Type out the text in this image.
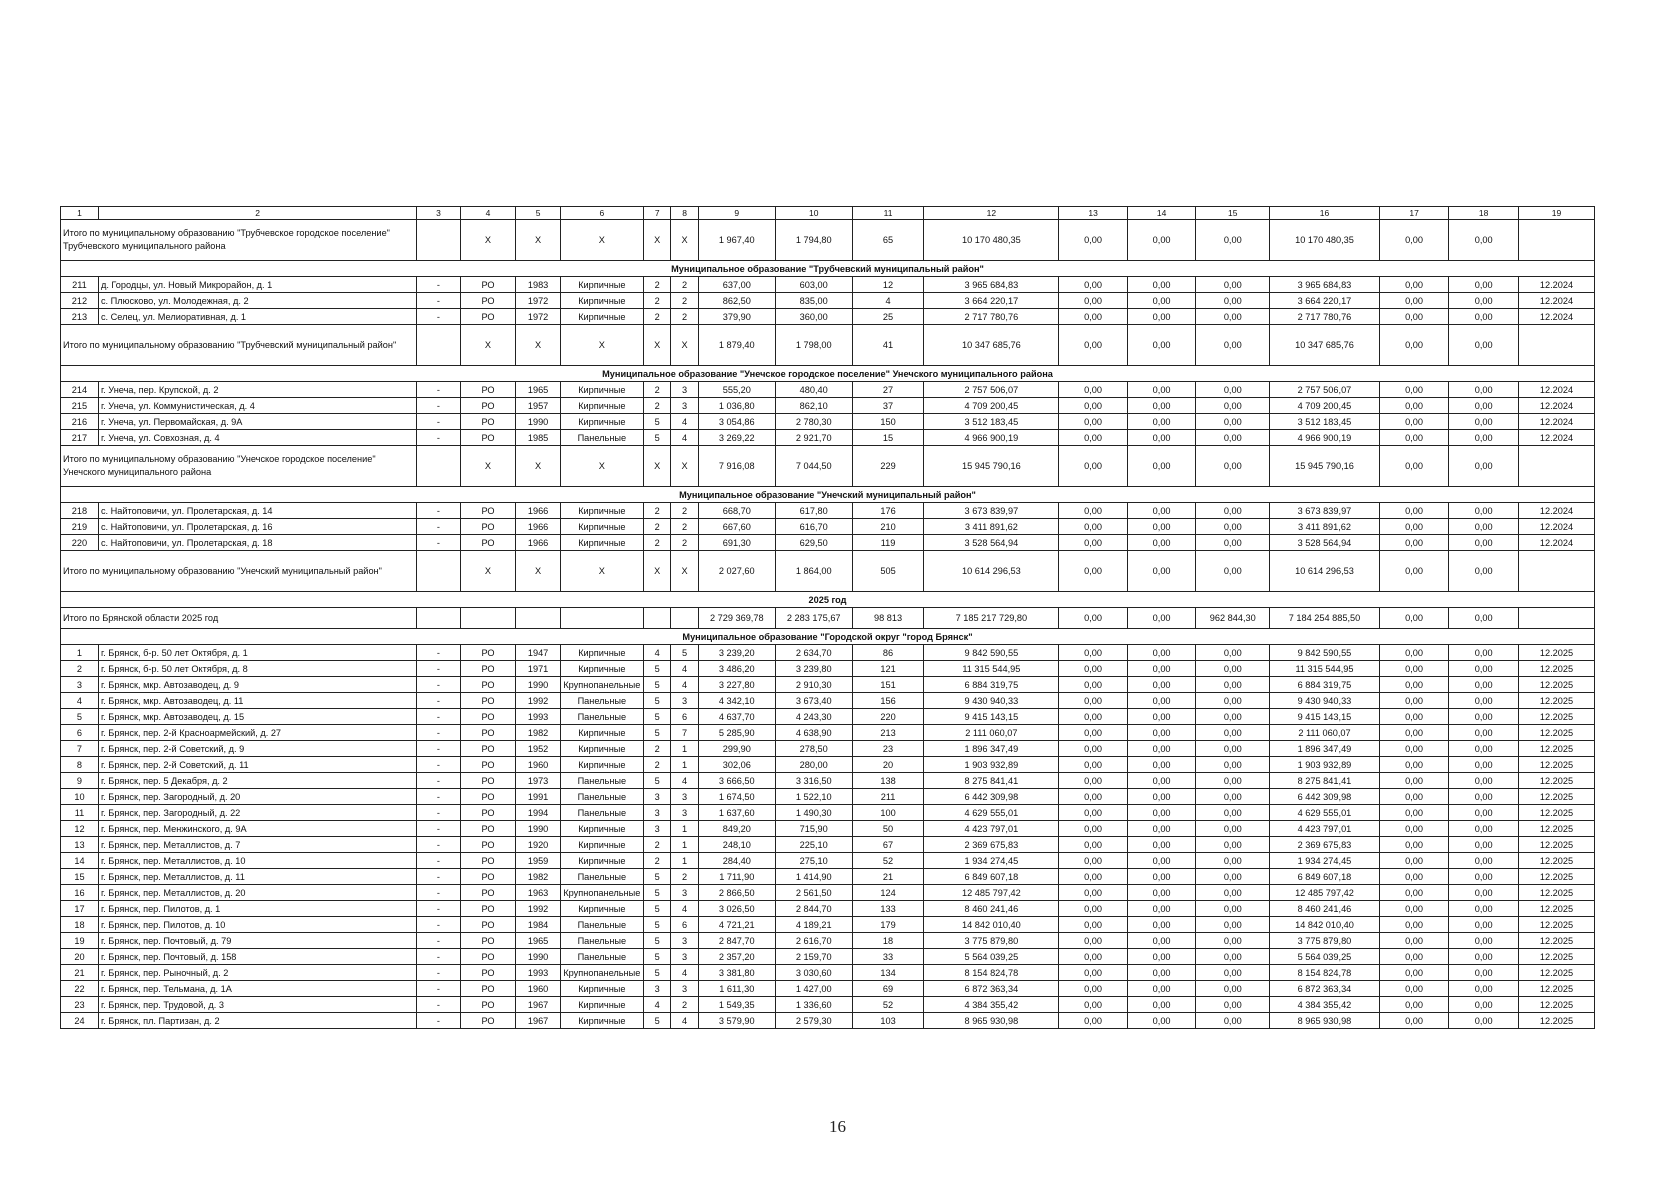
1	2	3	4	5	6	7	8	9	10	11	12	13	14	15	16	17	18	19
Итого по муниципальному образованию "Трубчевское городское поселение" Трубчевского муниципального района			X	X	X	X	X	1 967,40	1 794,80	65	10 170 480,35	0,00	0,00	0,00	10 170 480,35	0,00	0,00	
Муниципальное образование "Трубчевский муниципальный район"																		
211	д. Городцы, ул. Новый Микрорайон, д. 1	-	РО	1983	Кирпичные	2	2	637,00	603,00	12	3 965 684,83	0,00	0,00	0,00	3 965 684,83	0,00	0,00	12.2024
212	с. Плюсково, ул. Молодежная, д. 2	-	РО	1972	Кирпичные	2	2	862,50	835,00	4	3 664 220,17	0,00	0,00	0,00	3 664 220,17	0,00	0,00	12.2024
213	с. Селец, ул. Мелиоративная, д. 1	-	РО	1972	Кирпичные	2	2	379,90	360,00	25	2 717 780,76	0,00	0,00	0,00	2 717 780,76	0,00	0,00	12.2024
Итого по муниципальному образованию "Трубчевский муниципальный район"			X	X	X	X	X	1 879,40	1 798,00	41	10 347 685,76	0,00	0,00	0,00	10 347 685,76	0,00	0,00	
Муниципальное образование "Унечское городское поселение" Унечского муниципального района																		
214	г. Унеча, пер. Крупской, д. 2	-	РО	1965	Кирпичные	2	3	555,20	480,40	27	2 757 506,07	0,00	0,00	0,00	2 757 506,07	0,00	0,00	12.2024
215	г. Унеча, ул. Коммунистическая, д. 4	-	РО	1957	Кирпичные	2	3	1 036,80	862,10	37	4 709 200,45	0,00	0,00	0,00	4 709 200,45	0,00	0,00	12.2024
216	г. Унеча, ул. Первомайская, д. 9А	-	РО	1990	Кирпичные	5	4	3 054,86	2 780,30	150	3 512 183,45	0,00	0,00	0,00	3 512 183,45	0,00	0,00	12.2024
217	г. Унеча, ул. Совхозная, д. 4	-	РО	1985	Панельные	5	4	3 269,22	2 921,70	15	4 966 900,19	0,00	0,00	0,00	4 966 900,19	0,00	0,00	12.2024
Итого по муниципальному образованию "Унечское городское поселение" Унечского муниципального района			X	X	X	X	X	7 916,08	7 044,50	229	15 945 790,16	0,00	0,00	0,00	15 945 790,16	0,00	0,00	
Муниципальное образование "Унечский муниципальный район"																		
218	с. Найтоповичи, ул. Пролетарская, д. 14	-	РО	1966	Кирпичные	2	2	668,70	617,80	176	3 673 839,97	0,00	0,00	0,00	3 673 839,97	0,00	0,00	12.2024
219	с. Найтоповичи, ул. Пролетарская, д. 16	-	РО	1966	Кирпичные	2	2	667,60	616,70	210	3 411 891,62	0,00	0,00	0,00	3 411 891,62	0,00	0,00	12.2024
220	с. Найтоповичи, ул. Пролетарская, д. 18	-	РО	1966	Кирпичные	2	2	691,30	629,50	119	3 528 564,94	0,00	0,00	0,00	3 528 564,94	0,00	0,00	12.2024
Итого по муниципальному образованию "Унечский муниципальный район"			X	X	X	X	X	2 027,60	1 864,00	505	10 614 296,53	0,00	0,00	0,00	10 614 296,53	0,00	0,00	
2025 год																		
Итого по Брянской области 2025 год								2 729 369,78	2 283 175,67	98 813	7 185 217 729,80	0,00	0,00	962 844,30	7 184 254 885,50	0,00	0,00	
Муниципальное образование "Городской округ "город Брянск"																		
1	г. Брянск, б-р. 50 лет Октября, д. 1	-	РО	1947	Кирпичные	4	5	3 239,20	2 634,70	86	9 842 590,55	0,00	0,00	0,00	9 842 590,55	0,00	0,00	12.2025
2	г. Брянск, б-р. 50 лет Октября, д. 8	-	РО	1971	Кирпичные	5	4	3 486,20	3 239,80	121	11 315 544,95	0,00	0,00	0,00	11 315 544,95	0,00	0,00	12.2025
3	г. Брянск, мкр. Автозаводец, д. 9	-	РО	1990	Крупнопанельные	5	4	3 227,80	2 910,30	151	6 884 319,75	0,00	0,00	0,00	6 884 319,75	0,00	0,00	12.2025
4	г. Брянск, мкр. Автозаводец, д. 11	-	РО	1992	Панельные	5	3	4 342,10	3 673,40	156	9 430 940,33	0,00	0,00	0,00	9 430 940,33	0,00	0,00	12.2025
5	г. Брянск, мкр. Автозаводец, д. 15	-	РО	1993	Панельные	5	6	4 637,70	4 243,30	220	9 415 143,15	0,00	0,00	0,00	9 415 143,15	0,00	0,00	12.2025
6	г. Брянск, пер. 2-й Красноармейский, д. 27	-	РО	1982	Кирпичные	5	7	5 285,90	4 638,90	213	2 111 060,07	0,00	0,00	0,00	2 111 060,07	0,00	0,00	12.2025
7	г. Брянск, пер. 2-й Советский, д. 9	-	РО	1952	Кирпичные	2	1	299,90	278,50	23	1 896 347,49	0,00	0,00	0,00	1 896 347,49	0,00	0,00	12.2025
8	г. Брянск, пер. 2-й Советский, д. 11	-	РО	1960	Кирпичные	2	1	302,06	280,00	20	1 903 932,89	0,00	0,00	0,00	1 903 932,89	0,00	0,00	12.2025
9	г. Брянск, пер. 5 Декабря, д. 2	-	РО	1973	Панельные	5	4	3 666,50	3 316,50	138	8 275 841,41	0,00	0,00	0,00	8 275 841,41	0,00	0,00	12.2025
10	г. Брянск, пер. Загородный, д. 20	-	РО	1991	Панельные	3	3	1 674,50	1 522,10	211	6 442 309,98	0,00	0,00	0,00	6 442 309,98	0,00	0,00	12.2025
11	г. Брянск, пер. Загородный, д. 22	-	РО	1994	Панельные	3	3	1 637,60	1 490,30	100	4 629 555,01	0,00	0,00	0,00	4 629 555,01	0,00	0,00	12.2025
12	г. Брянск, пер. Менжинского, д. 9А	-	РО	1990	Кирпичные	3	1	849,20	715,90	50	4 423 797,01	0,00	0,00	0,00	4 423 797,01	0,00	0,00	12.2025
13	г. Брянск, пер. Металлистов, д. 7	-	РО	1920	Кирпичные	2	1	248,10	225,10	67	2 369 675,83	0,00	0,00	0,00	2 369 675,83	0,00	0,00	12.2025
14	г. Брянск, пер. Металлистов, д. 10	-	РО	1959	Кирпичные	2	1	284,40	275,10	52	1 934 274,45	0,00	0,00	0,00	1 934 274,45	0,00	0,00	12.2025
15	г. Брянск, пер. Металлистов, д. 11	-	РО	1982	Панельные	5	2	1 711,90	1 414,90	21	6 849 607,18	0,00	0,00	0,00	6 849 607,18	0,00	0,00	12.2025
16	г. Брянск, пер. Металлистов, д. 20	-	РО	1963	Крупнопанельные	5	3	2 866,50	2 561,50	124	12 485 797,42	0,00	0,00	0,00	12 485 797,42	0,00	0,00	12.2025
17	г. Брянск, пер. Пилотов, д. 1	-	РО	1992	Кирпичные	5	4	3 026,50	2 844,70	133	8 460 241,46	0,00	0,00	0,00	8 460 241,46	0,00	0,00	12.2025
18	г. Брянск, пер. Пилотов, д. 10	-	РО	1984	Панельные	5	6	4 721,21	4 189,21	179	14 842 010,40	0,00	0,00	0,00	14 842 010,40	0,00	0,00	12.2025
19	г. Брянск, пер. Почтовый, д. 79	-	РО	1965	Панельные	5	3	2 847,70	2 616,70	18	3 775 879,80	0,00	0,00	0,00	3 775 879,80	0,00	0,00	12.2025
20	г. Брянск, пер. Почтовый, д. 158	-	РО	1990	Панельные	5	3	2 357,20	2 159,70	33	5 564 039,25	0,00	0,00	0,00	5 564 039,25	0,00	0,00	12.2025
21	г. Брянск, пер. Рыночный, д. 2	-	РО	1993	Крупнопанельные	5	4	3 381,80	3 030,60	134	8 154 824,78	0,00	0,00	0,00	8 154 824,78	0,00	0,00	12.2025
22	г. Брянск, пер. Тельмана, д. 1А	-	РО	1960	Кирпичные	3	3	1 611,30	1 427,00	69	6 872 363,34	0,00	0,00	0,00	6 872 363,34	0,00	0,00	12.2025
23	г. Брянск, пер. Трудовой, д. 3	-	РО	1967	Кирпичные	4	2	1 549,35	1 336,60	52	4 384 355,42	0,00	0,00	0,00	4 384 355,42	0,00	0,00	12.2025
24	г. Брянск, пл. Партизан, д. 2	-	РО	1967	Кирпичные	5	4	3 579,90	2 579,30	103	8 965 930,98	0,00	0,00	0,00	8 965 930,98	0,00	0,00	12.2025
16
